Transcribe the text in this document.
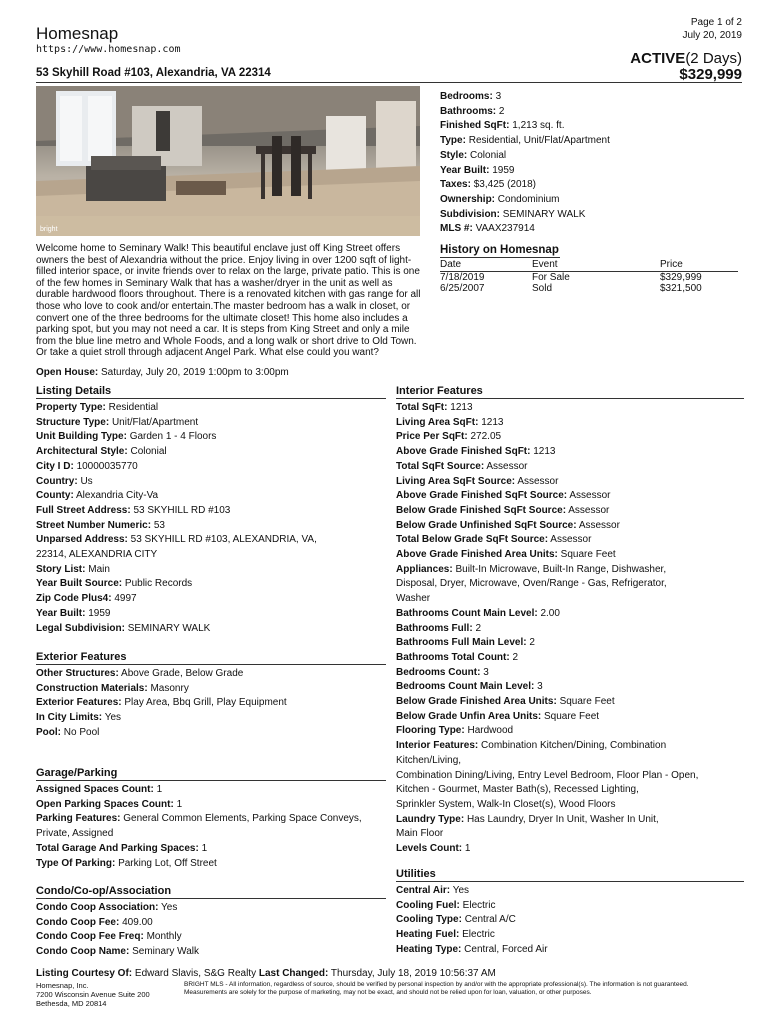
Homesnap
https://www.homesnap.com
Page 1 of 2
July 20, 2019
ACTIVE(2 Days)
53 Skyhill Road #103, Alexandria, VA 22314	$329,999
bright
Bedrooms: 3
Bathrooms: 2
Finished SqFt: 1,213 sq. ft.
Type: Residential, Unit/Flat/Apartment
Style: Colonial
Year Built: 1959
Taxes: $3,425 (2018)
Ownership: Condominium
Subdivision: SEMINARY WALK
MLS #: VAAX237914
Welcome home to Seminary Walk! This beautiful enclave just off King Street offers owners the best of Alexandria without the price. Enjoy living in over 1200 sqft of light-filled interior space, or invite friends over to relax on the large, private patio. This is one of the few homes in Seminary Walk that has a washer/dryer in the unit as well as durable hardwood floors throughout. There is a renovated kitchen with gas range for all those who love to cook and/or entertain.The master bedroom has a walk in closet, or convert one of the three bedrooms for the ultimate closet! This home also includes a parking spot, but you may not need a car. It is steps from King Street and only a mile from the blue line metro and Whole Foods, and a long walk or short drive to Old Town. Or take a quiet stroll through adjacent Angel Park. What else could you want?
History on Homesnap
Date	Event	Price
7/18/2019	For Sale	$329,999
6/25/2007	Sold	$321,500
Open House: Saturday, July 20, 2019 1:00pm to 3:00pm
Listing Details
Property Type: Residential
Structure Type: Unit/Flat/Apartment
Unit Building Type: Garden 1 - 4 Floors
Architectural Style: Colonial
City I D: 10000035770
Country: Us
County: Alexandria City-Va
Full Street Address: 53 SKYHILL RD #103
Street Number Numeric: 53
Unparsed Address: 53 SKYHILL RD #103, ALEXANDRIA, VA,
22314, ALEXANDRIA CITY
Story List: Main
Year Built Source: Public Records
Zip Code Plus4: 4997
Year Built: 1959
Legal Subdivision: SEMINARY WALK
Exterior Features
Other Structures: Above Grade, Below Grade
Construction Materials: Masonry
Exterior Features: Play Area, Bbq Grill, Play Equipment
In City Limits: Yes
Pool: No Pool
Garage/Parking
Assigned Spaces Count: 1
Open Parking Spaces Count: 1
Parking Features: General Common Elements, Parking Space Conveys,
Private, Assigned
Total Garage And Parking Spaces: 1
Type Of Parking: Parking Lot, Off Street
Condo/Co-op/Association
Condo Coop Association: Yes
Condo Coop Fee: 409.00
Condo Coop Fee Freq: Monthly
Condo Coop Name: Seminary Walk
Interior Features
Total SqFt: 1213
Living Area SqFt: 1213
Price Per SqFt: 272.05
Above Grade Finished SqFt: 1213
Total SqFt Source: Assessor
Living Area SqFt Source: Assessor
Above Grade Finished SqFt Source: Assessor
Below Grade Finished SqFt Source: Assessor
Below Grade Unfinished SqFt Source: Assessor
Total Below Grade SqFt Source: Assessor
Above Grade Finished Area Units: Square Feet
Appliances: Built-In Microwave, Built-In Range, Dishwasher,
Disposal, Dryer, Microwave, Oven/Range - Gas, Refrigerator,
Washer
Bathrooms Count Main Level: 2.00
Bathrooms Full: 2
Bathrooms Full Main Level: 2
Bathrooms Total Count: 2
Bedrooms Count: 3
Bedrooms Count Main Level: 3
Below Grade Finished Area Units: Square Feet
Below Grade Unfin Area Units: Square Feet
Flooring Type: Hardwood
Interior Features: Combination Kitchen/Dining, Combination
Kitchen/Living,
Combination Dining/Living, Entry Level Bedroom, Floor Plan - Open,
Kitchen - Gourmet, Master Bath(s), Recessed Lighting,
Sprinkler System, Walk-In Closet(s), Wood Floors
Laundry Type: Has Laundry, Dryer In Unit, Washer In Unit,
Main Floor
Levels Count: 1
Utilities
Central Air: Yes
Cooling Fuel: Electric
Cooling Type: Central A/C
Heating Fuel: Electric
Heating Type: Central, Forced Air
Listing Courtesy Of: Edward Slavis, S&G Realty Last Changed: Thursday, July 18, 2019 10:56:37 AM
Homesnap, Inc.
7200 Wisconsin Avenue Suite 200
Bethesda, MD 20814
BRIGHT MLS - All information, regardless of source, should be verified by personal inspection by and/or with the appropriate professional(s). The information is not guaranteed.
Measurements are solely for the purpose of marketing, may not be exact, and should not be relied upon for loan, valuation, or other purposes.
